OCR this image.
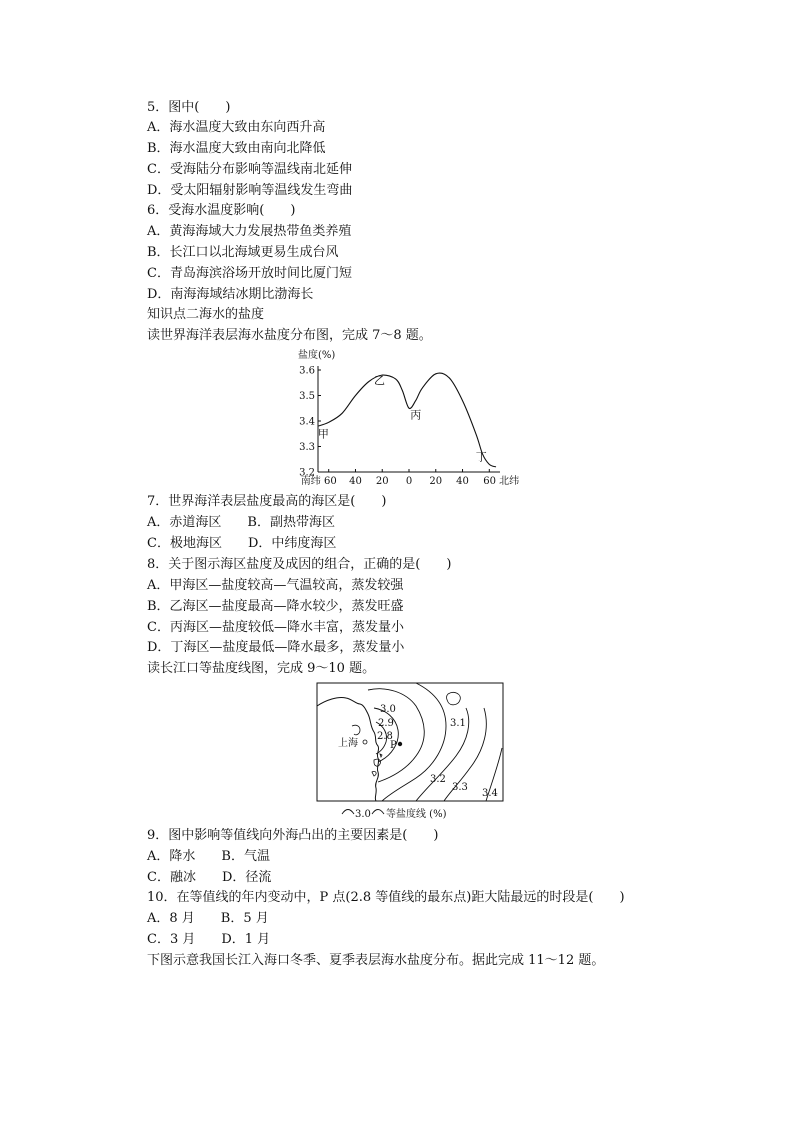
5．图中(　　)
A．海水温度大致由东向西升高
B．海水温度大致由南向北降低
C．受海陆分布影响等温线南北延伸
D．受太阳辐射影响等温线发生弯曲
6．受海水温度影响(　　)
A．黄海海域大力发展热带鱼类养殖
B．长江口以北海域更易生成台风
C．青岛海滨浴场开放时间比厦门短
D．南海海域结冰期比渤海长
知识点二海水的盐度
读世界海洋表层海水盐度分布图，完成 7～8 题。
盐度(%)
3.6
3.5
3.4
3.3
3.2
南纬 60 40 20 0 20 40 60 北纬
甲
乙
丙
丁
7．世界海洋表层盐度最高的海区是(　　)
A．赤道海区　　B．副热带海区
C．极地海区　　D．中纬度海区
8．关于图示海区盐度及成因的组合，正确的是(　　)
A．甲海区—盐度较高—气温较高，蒸发较强
B．乙海区—盐度最高—降水较少，蒸发旺盛
C．丙海区—盐度较低—降水丰富，蒸发量小
D．丁海区—盐度最低—降水最多，蒸发量小
读长江口等盐度线图，完成 9～10 题。
3.0
2.9
2.8
3.1
3.2
3.3
3.4
上海	P
3.0 等盐度线 (%)
9．图中影响等值线向外海凸出的主要因素是(　　)
A．降水　　B．气温
C．融冰　　D．径流
10．在等值线的年内变动中，P 点(2.8 等值线的最东点)距大陆最远的时段是(　　)
A．8 月　　B．5 月
C．3 月　　D．1 月
下图示意我国长江入海口冬季、夏季表层海水盐度分布。据此完成 11～12 题。
